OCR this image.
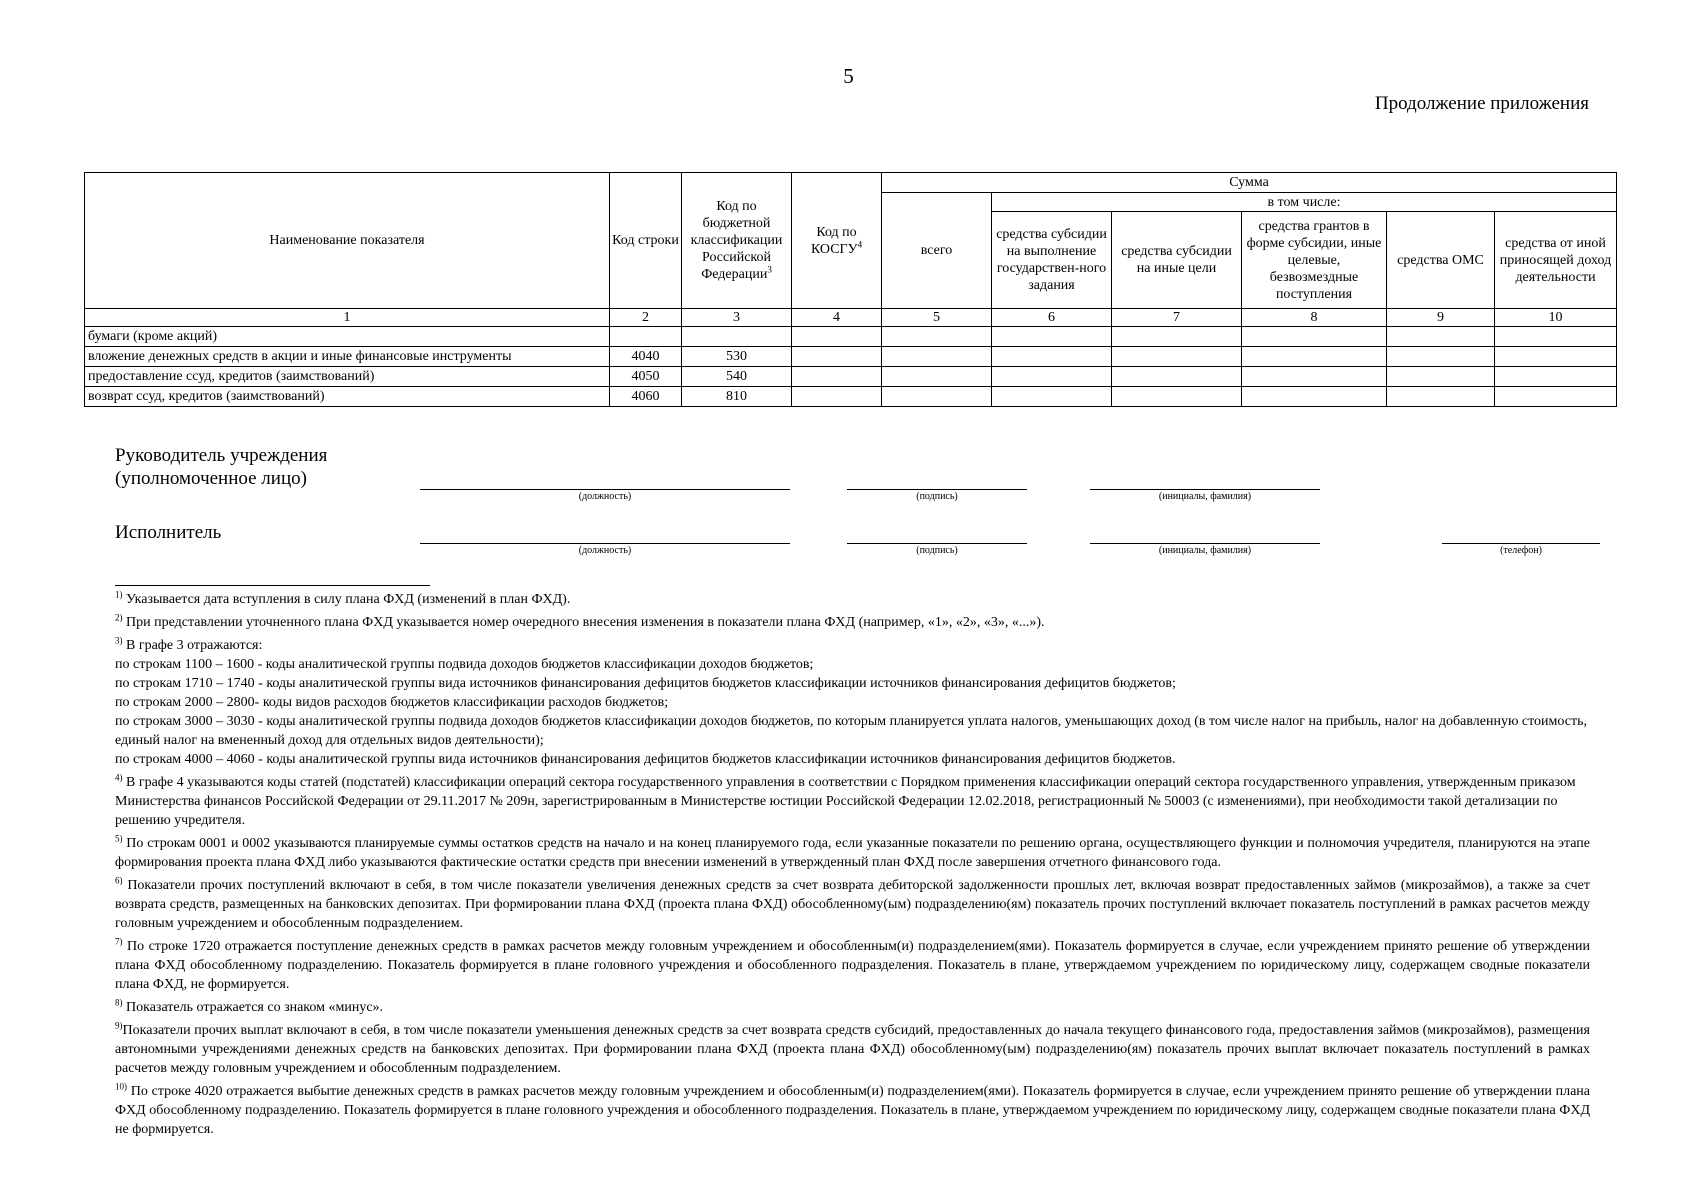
5
Продолжение приложения
Наименование показателя	Код строки	Код по бюджетной классификации Российской Федерации$^3$	Код по КОСГУ$^4$	Сумма					
				всего	в том числе:				
					средства субсидии на выполнение государствен-ного задания	средства субсидии на иные цели	средства грантов в форме субсидии, иные целевые, безвозмездные поступления	средства ОМС	средства от иной приносящей доход деятельности
1	2	3	4	5	6	7	8	9	10
бумаги (кроме акций)									
вложение денежных средств в акции и иные финансовые инструменты	4040	530							
предоставление ссуд, кредитов (заимствований)	4050	540							
возврат ссуд, кредитов (заимствований)	4060	810							
Руководитель учреждения
(уполномоченное лицо)
(должность)	(подпись)	(инициалы, фамилия)
Исполнитель
(должность)	(подпись)	(инициалы, фамилия)	(телефон)

$^{1)}$ Указывается дата вступления в силу плана ФХД (изменений в план ФХД).

$^{2)}$ При представлении уточненного плана ФХД указывается номер очередного внесения изменения в показатели плана ФХД (например, «1», «2», «3», «...»).

$^{3)}$ В графе 3 отражаются:

по строкам 1100 – 1600 - коды аналитической группы подвида доходов бюджетов классификации доходов бюджетов;

по строкам 1710 – 1740 - коды аналитической группы вида источников финансирования дефицитов бюджетов классификации источников финансирования дефицитов бюджетов;

по строкам 2000 – 2800- коды видов расходов бюджетов классификации расходов бюджетов;

по строкам 3000 – 3030 - коды аналитической группы подвида доходов бюджетов классификации доходов бюджетов, по которым планируется уплата налогов, уменьшающих доход (в том числе налог на прибыль, налог на добавленную стоимость, единый налог на вмененный доход для отдельных видов деятельности);

по строкам 4000 – 4060 - коды аналитической группы вида источников финансирования дефицитов бюджетов классификации источников финансирования дефицитов бюджетов.

$^{4)}$ В графе 4 указываются коды статей (подстатей) классификации операций сектора государственного управления в соответствии с Порядком применения классификации операций сектора государственного управления, утвержденным приказом Министерства финансов Российской Федерации от 29.11.2017 № 209н, зарегистрированным в Министерстве юстиции Российской Федерации 12.02.2018, регистрационный № 50003 (с изменениями), при необходимости такой детализации по решению учредителя.

$^{5)}$ По строкам 0001 и 0002 указываются планируемые суммы остатков средств на начало и на конец планируемого года, если указанные показатели по решению органа, осуществляющего функции и полномочия учредителя, планируются на этапе формирования проекта плана ФХД либо указываются фактические остатки средств при внесении изменений в утвержденный план ФХД после завершения отчетного финансового года.

$^{6)}$ Показатели прочих поступлений включают в себя, в том числе показатели увеличения денежных средств за счет возврата дебиторской задолженности прошлых лет, включая возврат предоставленных займов (микрозаймов), а также за счет возврата средств, размещенных на банковских депозитах. При формировании плана ФХД (проекта плана ФХД) обособленному(ым) подразделению(ям) показатель прочих поступлений включает показатель поступлений в рамках расчетов между головным учреждением и обособленным подразделением.

$^{7)}$ По строке 1720 отражается поступление денежных средств в рамках расчетов между головным учреждением и обособленным(и) подразделением(ями). Показатель формируется в случае, если учреждением принято решение об утверждении плана ФХД обособленному подразделению. Показатель формируется в плане головного учреждения и обособленного подразделения. Показатель в плане, утверждаемом учреждением по юридическому лицу, содержащем сводные показатели плана ФХД, не формируется.

$^{8)}$ Показатель отражается со знаком «минус».

$^{9)}$Показатели прочих выплат включают в себя, в том числе показатели уменьшения денежных средств за счет возврата средств субсидий, предоставленных до начала текущего финансового года, предоставления займов (микрозаймов), размещения автономными учреждениями денежных средств на банковских депозитах. При формировании плана ФХД (проекта плана ФХД) обособленному(ым) подразделению(ям) показатель прочих выплат включает показатель поступлений в рамках расчетов между головным учреждением и обособленным подразделением.

$^{10)}$ По строке 4020 отражается выбытие денежных средств в рамках расчетов между головным учреждением и обособленным(и) подразделением(ями). Показатель формируется в случае, если учреждением принято решение об утверждении плана ФХД обособленному подразделению. Показатель формируется в плане головного учреждения и обособленного подразделения. Показатель в плане, утверждаемом учреждением по юридическому лицу, содержащем сводные показатели плана ФХД не формируется.
